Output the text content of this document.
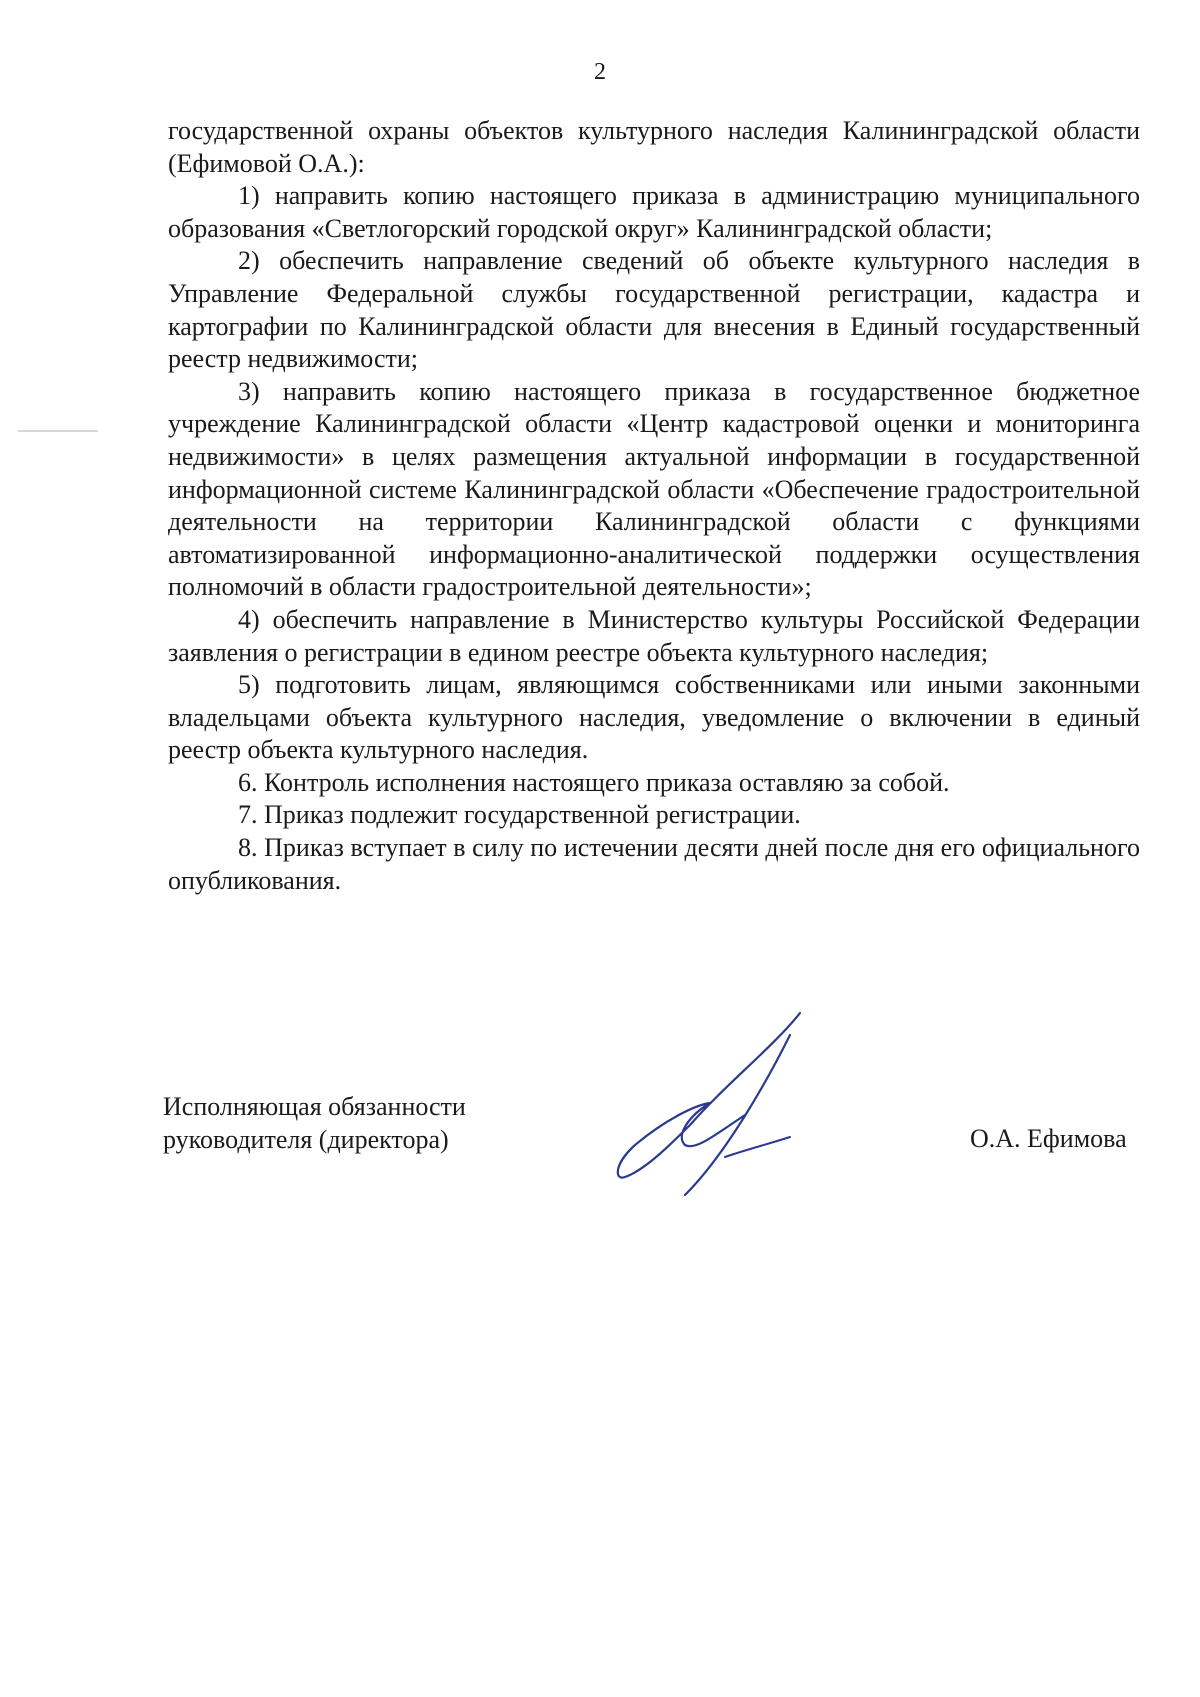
2

государственной охраны объектов культурного наследия Калининградской области (Ефимовой О.А.):

1) направить копию настоящего приказа в администрацию муниципального образования «Светлогорский городской округ» Калининградской области;

2) обеспечить направление сведений об объекте культурного наследия в Управление Федеральной службы государственной регистрации, кадастра и картографии по Калининградской области для внесения в Единый государственный реестр недвижимости;

3) направить копию настоящего приказа в государственное бюджетное учреждение Калининградской области «Центр кадастровой оценки и мониторинга недвижимости» в целях размещения актуальной информации в государственной информационной системе Калининградской области «Обеспечение градостроительной деятельности на территории Калининградской области с функциями автоматизированной информационно-аналитической поддержки осуществления полномочий в области градостроительной деятельности»;

4) обеспечить направление в Министерство культуры Российской Федерации заявления о регистрации в едином реестре объекта культурного наследия;

5) подготовить лицам, являющимся собственниками или иными законными владельцами объекта культурного наследия, уведомление о включении в единый реестр объекта культурного наследия.

6. Контроль исполнения настоящего приказа оставляю за собой.

7. Приказ подлежит государственной регистрации.

8. Приказ вступает в силу по истечении десяти дней после дня его официального опубликования.

Исполняющая обязанности
руководителя (директора)	О.А. Ефимова
